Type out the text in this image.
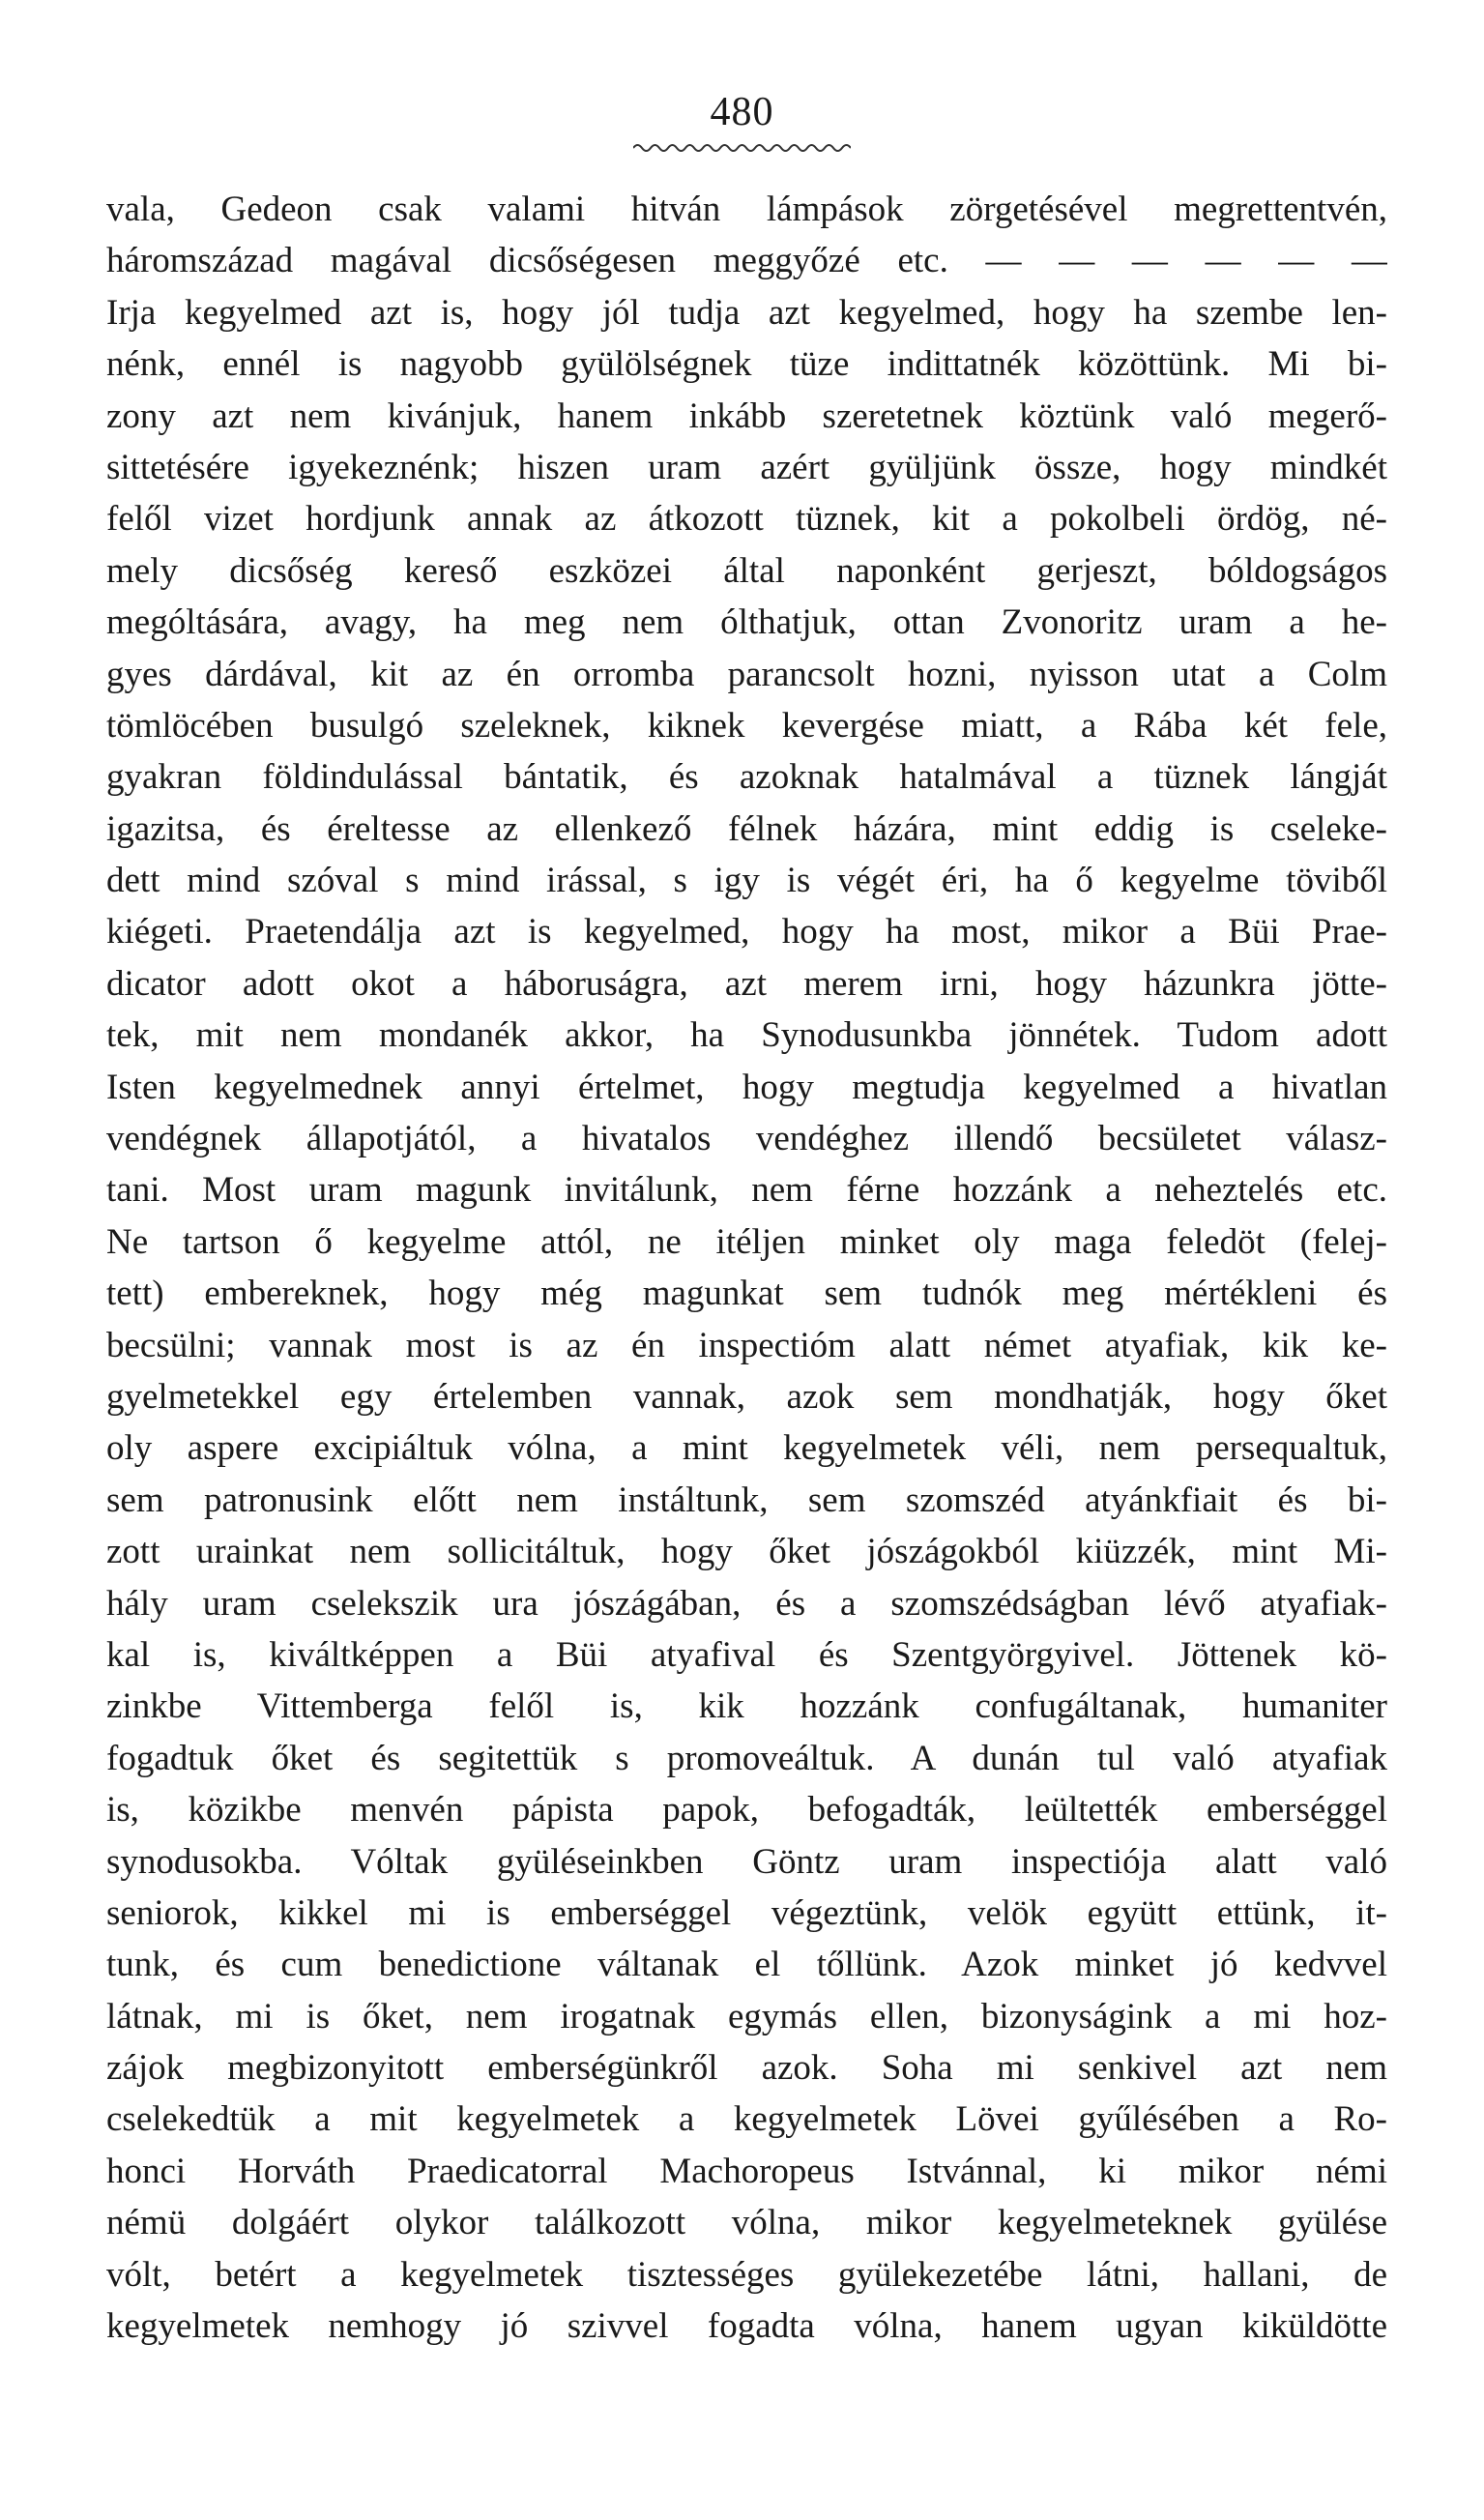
480
vala, Gedeon csak valami hitván lámpások zörgetésével megrettentvén,
háromszázad magával dicsőségesen meggyőzé etc. — — — — — —
Irja kegyelmed azt is, hogy jól tudja azt kegyelmed, hogy ha szembe len-
nénk, ennél is nagyobb gyülölségnek tüze indittatnék közöttünk. Mi bi-
zony azt nem kivánjuk, hanem inkább szeretetnek köztünk való megerő-
sittetésére igyekeznénk; hiszen uram azért gyüljünk össze, hogy mindkét
felől vizet hordjunk annak az átkozott tüznek, kit a pokolbeli ördög, né-
mely dicsőség kereső eszközei által naponként gerjeszt, bóldogságos
mególtására, avagy, ha meg nem ólthatjuk, ottan Zvonoritz uram a he-
gyes dárdával, kit az én orromba parancsolt hozni, nyisson utat a Colm
tömlöcében busulgó szeleknek, kiknek kevergése miatt, a Rába két fele,
gyakran földindulással bántatik, és azoknak hatalmával a tüznek lángját
igazitsa, és éreltesse az ellenkező félnek házára, mint eddig is cseleke-
dett mind szóval s mind irással, s igy is végét éri, ha ő kegyelme töviből
kiégeti. Praetendálja azt is kegyelmed, hogy ha most, mikor a Büi Prae-
dicator adott okot a háboruságra, azt merem irni, hogy házunkra jötte-
tek, mit nem mondanék akkor, ha Synodusunkba jönnétek. Tudom adott
Isten kegyelmednek annyi értelmet, hogy megtudja kegyelmed a hivatlan
vendégnek állapotjától, a hivatalos vendéghez illendő becsületet válasz-
tani. Most uram magunk invitálunk, nem férne hozzánk a neheztelés etc.
Ne tartson ő kegyelme attól, ne itéljen minket oly maga feledöt (felej-
tett) embereknek, hogy még magunkat sem tudnók meg mértékleni és
becsülni; vannak most is az én inspectióm alatt német atyafiak, kik ke-
gyelmetekkel egy értelemben vannak, azok sem mondhatják, hogy őket
oly aspere excipiáltuk vólna, a mint kegyelmetek véli, nem persequaltuk,
sem patronusink előtt nem instáltunk, sem szomszéd atyánkfiait és bi-
zott urainkat nem sollicitáltuk, hogy őket jószágokból kiüzzék, mint Mi-
hály uram cselekszik ura jószágában, és a szomszédságban lévő atyafiak-
kal is, kiváltképpen a Büi atyafival és Szentgyörgyivel. Jöttenek kö-
zinkbe Vittemberga felől is, kik hozzánk confugáltanak, humaniter
fogadtuk őket és segitettük s promoveáltuk. A dunán tul való atyafiak
is, közikbe menvén pápista papok, befogadták, leültették emberséggel
synodusokba. Vóltak gyüléseinkben Göntz uram inspectiója alatt való
seniorok, kikkel mi is emberséggel végeztünk, velök együtt ettünk, it-
tunk, és cum benedictione váltanak el tőllünk. Azok minket jó kedvvel
látnak, mi is őket, nem irogatnak egymás ellen, bizonyságink a mi hoz-
zájok megbizonyitott emberségünkről azok. Soha mi senkivel azt nem
cselekedtük a mit kegyelmetek a kegyelmetek Lövei gyűlésében a Ro-
honci Horváth Praedicatorral Machoropeus Istvánnal, ki mikor némi
némü dolgáért olykor találkozott vólna, mikor kegyelmeteknek gyülése
vólt, betért a kegyelmetek tisztességes gyülekezetébe látni, hallani, de
kegyelmetek nemhogy jó szivvel fogadta vólna, hanem ugyan kiküldötte
